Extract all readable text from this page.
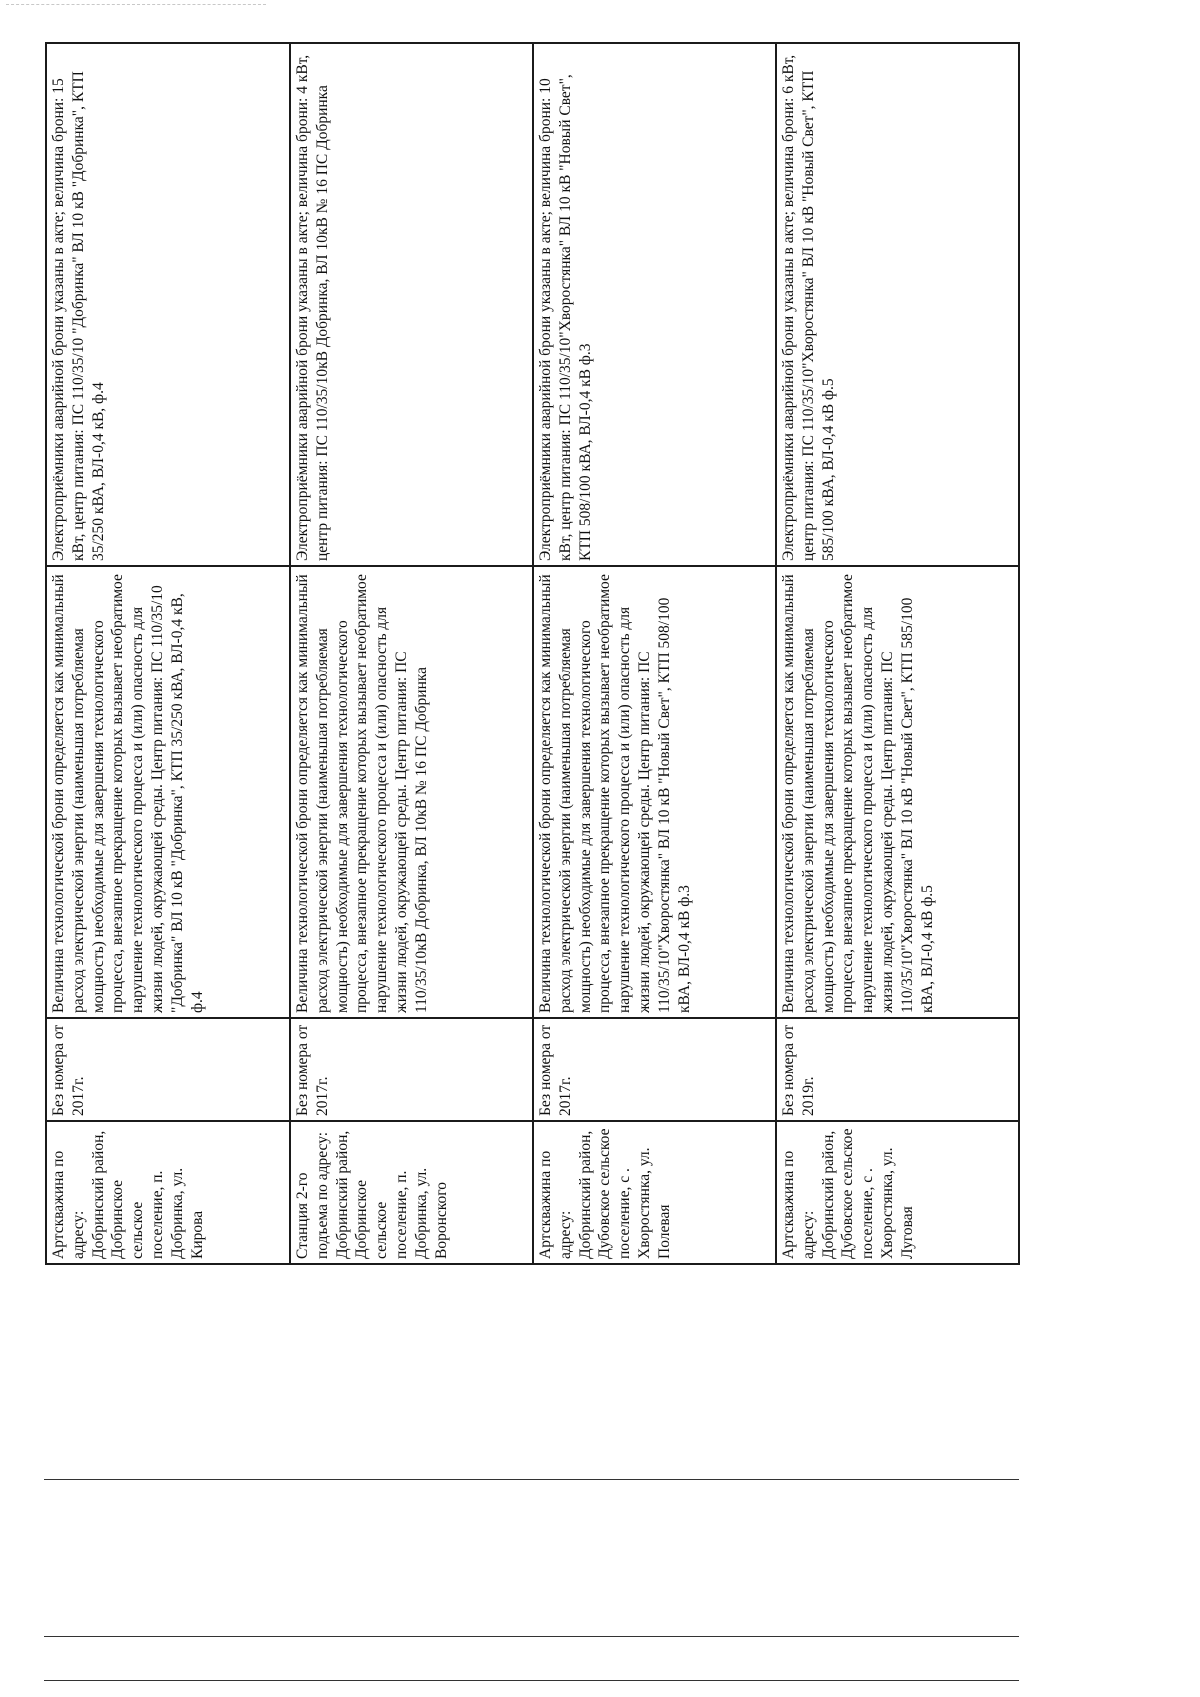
Артскважина по адресу: Добринский район, Добринское сельское поселение, п. Добринка, ул. Кирова	Без номера от 2017г.	Величина технологической брони определяется как минимальный расход электрической энергии (наименьшая потребляемая мощность) необходимые для завершения технологического процесса, внезапное прекращение которых вызывает необратимое нарушение технологического процесса и (или) опасность для жизни людей, окружающей среды. Центр питания: ПС 110/35/10 "Добринка" ВЛ 10 кВ "Добринка", КТП 35/250 кВА, ВЛ-0,4 кВ, ф.4	Электроприёмники аварийной брони указаны в акте; величина брони: 15 кВт, центр питания: ПС 110/35/10 "Добринка" ВЛ 10 кВ "Добринка", КТП 35/250 кВА, ВЛ-0,4 кВ, ф.4
Станция 2-го подъема по адресу: Добринский район, Добринское сельское поселение, п. Добринка, ул. Воронского	Без номера от 2017г.	Величина технологической брони определяется как минимальный расход электрической энергии (наименьшая потребляемая мощность) необходимые для завершения технологического процесса, внезапное прекращение которых вызывает необратимое нарушение технологического процесса и (или) опасность для жизни людей, окружающей среды. Центр питания: ПС 110/35/10кВ Добринка, ВЛ 10кВ № 16 ПС Добринка	Электроприёмники аварийной брони указаны в акте; величина брони: 4 кВт, центр питания: ПС 110/35/10кВ Добринка, ВЛ 10кВ № 16 ПС Добринка
Артскважина по адресу: Добринский район, Дубовское сельское поселение, с . Хворостянка, ул. Полевая	Без номера от 2017г.	Величина технологической брони определяется как минимальный расход электрической энергии (наименьшая потребляемая мощность) необходимые для завершения технологического процесса, внезапное прекращение которых вызывает необратимое нарушение технологического процесса и (или) опасность для жизни людей, окружающей среды. Центр питания: ПС 110/35/10"Хворостянка" ВЛ 10 кВ "Новый Свет", КТП 508/100 кВА, ВЛ-0,4 кВ ф.3	Электроприёмники аварийной брони указаны в акте; величина брони: 10 кВт, центр питания: ПС 110/35/10"Хворостянка" ВЛ 10 кВ "Новый Свет", КТП 508/100 кВА, ВЛ-0,4 кВ ф.3
Артскважина по адресу: Добринский район, Дубовское сельское поселение, с . Хворостянка, ул. Луговая	Без номера от 2019г.	Величина технологической брони определяется как минимальный расход электрической энергии (наименьшая потребляемая мощность) необходимые для завершения технологического процесса, внезапное прекращение которых вызывает необратимое нарушение технологического процесса и (или) опасность для жизни людей, окружающей среды. Центр питания: ПС 110/35/10"Хворостянка" ВЛ 10 кВ "Новый Свет", КТП 585/100 кВА, ВЛ-0,4 кВ ф.5	Электроприёмники аварийной брони указаны в акте; величина брони: 6 кВт, центр питания: ПС 110/35/10"Хворостянка" ВЛ 10 кВ "Новый Свет", КТП 585/100 кВА, ВЛ-0,4 кВ ф.5
